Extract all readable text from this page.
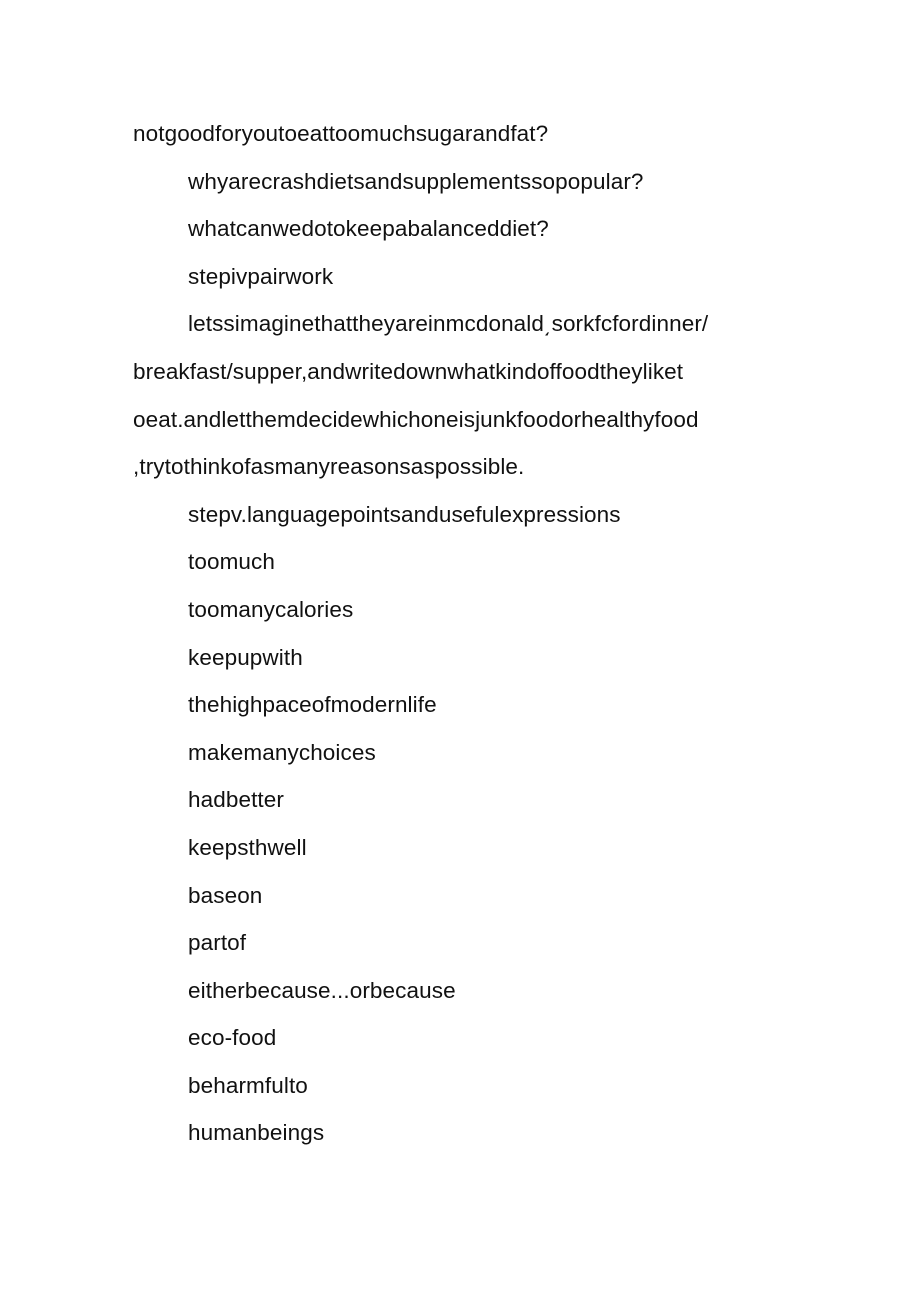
notgoodforyoutoeattoomuchsugarandfat?
whyarecrashdietsandsupplementssopopular?
whatcanwedotokeepabalanceddiet?
stepivpairwork
letssimaginethattheyareinmcdonald͵sorkfcfordinner/
breakfast/supper,andwritedownwhatkindoffoodtheyliket
oeat.andletthemdecidewhichoneisjunkfoodorhealthyfood
,trytothinkofasmanyreasonsaspossible.
stepv.languagepointsandusefulexpressions
toomuch
toomanycalories
keepupwith
thehighpaceofmodernlife
makemanychoices
hadbetter
keepsthwell
baseon
partof
eitherbecause...orbecause
eco-food
beharmfulto
humanbeings
